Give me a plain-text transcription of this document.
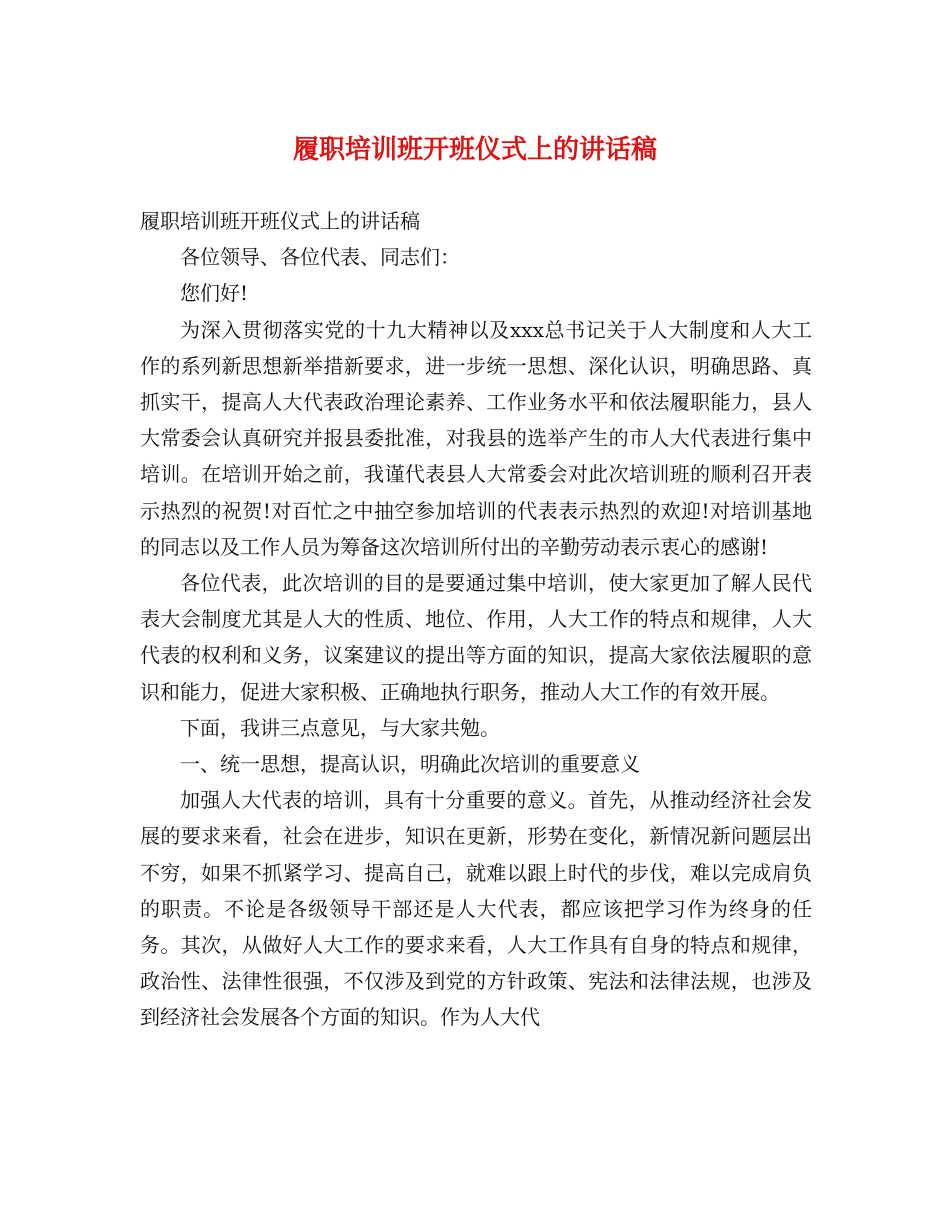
履职培训班开班仪式上的讲话稿

履职培训班开班仪式上的讲话稿

各位领导、各位代表、同志们：

您们好!

为深入贯彻落实党的十九大精神以及xxx总书记关于人大制度和人大工作的系列新思想新举措新要求，进一步统一思想、深化认识，明确思路、真抓实干，提高人大代表政治理论素养、工作业务水平和依法履职能力，县人大常委会认真研究并报县委批准，对我县的选举产生的市人大代表进行集中培训。在培训开始之前，我谨代表县人大常委会对此次培训班的顺利召开表示热烈的祝贺!对百忙之中抽空参加培训的代表表示热烈的欢迎!对培训基地的同志以及工作人员为筹备这次培训所付出的辛勤劳动表示衷心的感谢!

各位代表，此次培训的目的是要通过集中培训，使大家更加了解人民代表大会制度尤其是人大的性质、地位、作用，人大工作的特点和规律，人大代表的权利和义务，议案建议的提出等方面的知识，提高大家依法履职的意识和能力，促进大家积极、正确地执行职务，推动人大工作的有效开展。

下面，我讲三点意见，与大家共勉。

一、统一思想，提高认识，明确此次培训的重要意义

加强人大代表的培训，具有十分重要的意义。首先，从推动经济社会发展的要求来看，社会在进步，知识在更新，形势在变化，新情况新问题层出不穷，如果不抓紧学习、提高自己，就难以跟上时代的步伐，难以完成肩负的职责。不论是各级领导干部还是人大代表，都应该把学习作为终身的任务。其次，从做好人大工作的要求来看，人大工作具有自身的特点和规律，政治性、法律性很强，不仅涉及到党的方针政策、宪法和法律法规，也涉及到经济社会发展各个方面的知识。作为人大代
